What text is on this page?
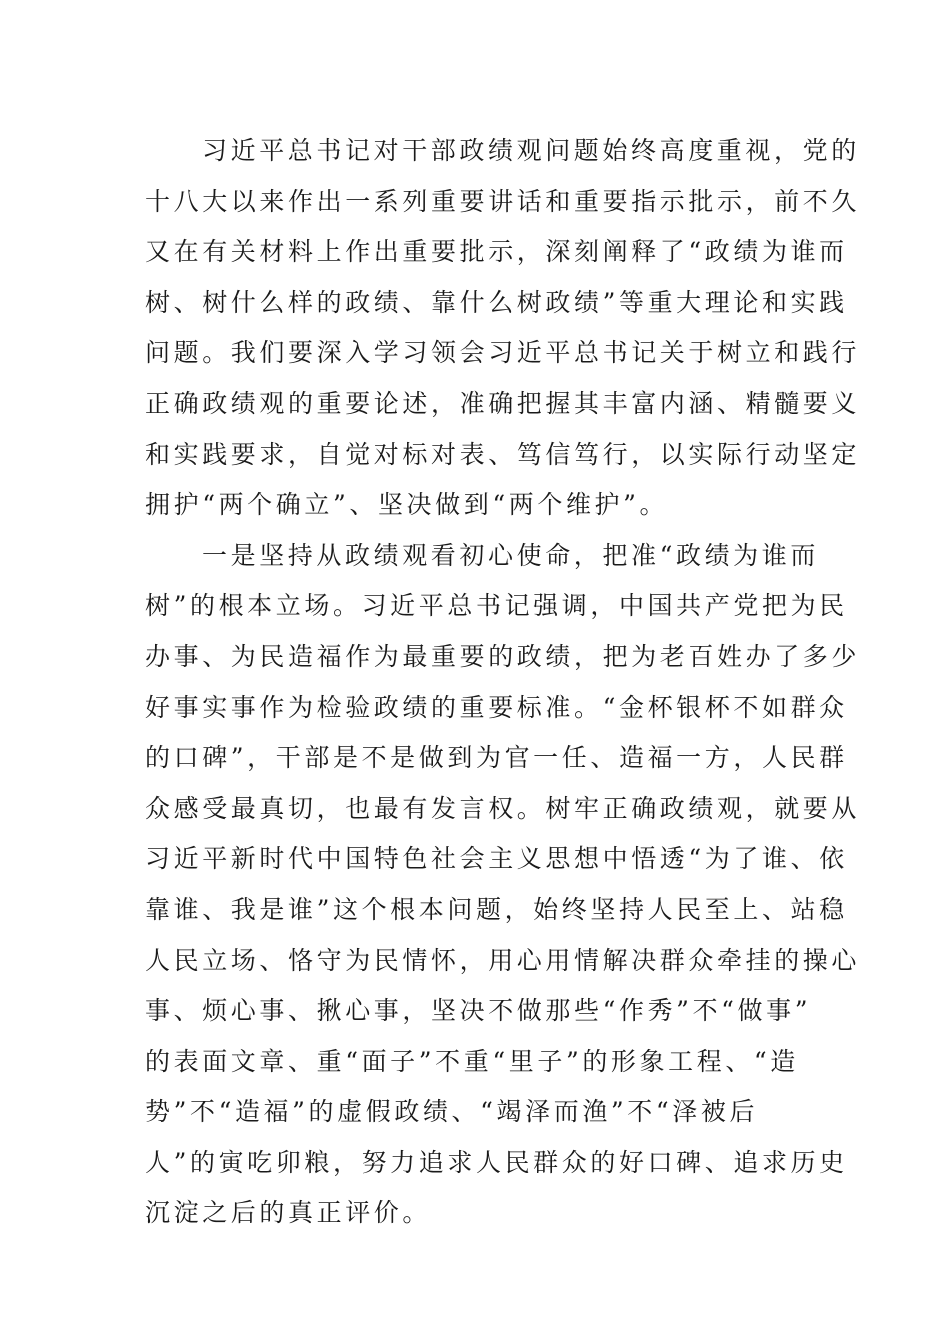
习近平总书记对干部政绩观问题始终高度重视，党的
十八大以来作出一系列重要讲话和重要指示批示，前不久
又在有关材料上作出重要批示，深刻阐释了“政绩为谁而
树、树什么样的政绩、靠什么树政绩”等重大理论和实践
问题。我们要深入学习领会习近平总书记关于树立和践行
正确政绩观的重要论述，准确把握其丰富内涵、精髓要义
和实践要求，自觉对标对表、笃信笃行，以实际行动坚定
拥护“两个确立”、坚决做到“两个维护”。
一是坚持从政绩观看初心使命，把准“政绩为谁而
树”的根本立场。习近平总书记强调，中国共产党把为民
办事、为民造福作为最重要的政绩，把为老百姓办了多少
好事实事作为检验政绩的重要标准。“金杯银杯不如群众
的口碑”，干部是不是做到为官一任、造福一方，人民群
众感受最真切，也最有发言权。树牢正确政绩观，就要从
习近平新时代中国特色社会主义思想中悟透“为了谁、依
靠谁、我是谁”这个根本问题，始终坚持人民至上、站稳
人民立场、恪守为民情怀，用心用情解决群众牵挂的操心
事、烦心事、揪心事，坚决不做那些“作秀”不“做事”
的表面文章、重“面子”不重“里子”的形象工程、“造
势”不“造福”的虚假政绩、“竭泽而渔”不“泽被后
人”的寅吃卯粮，努力追求人民群众的好口碑、追求历史
沉淀之后的真正评价。
